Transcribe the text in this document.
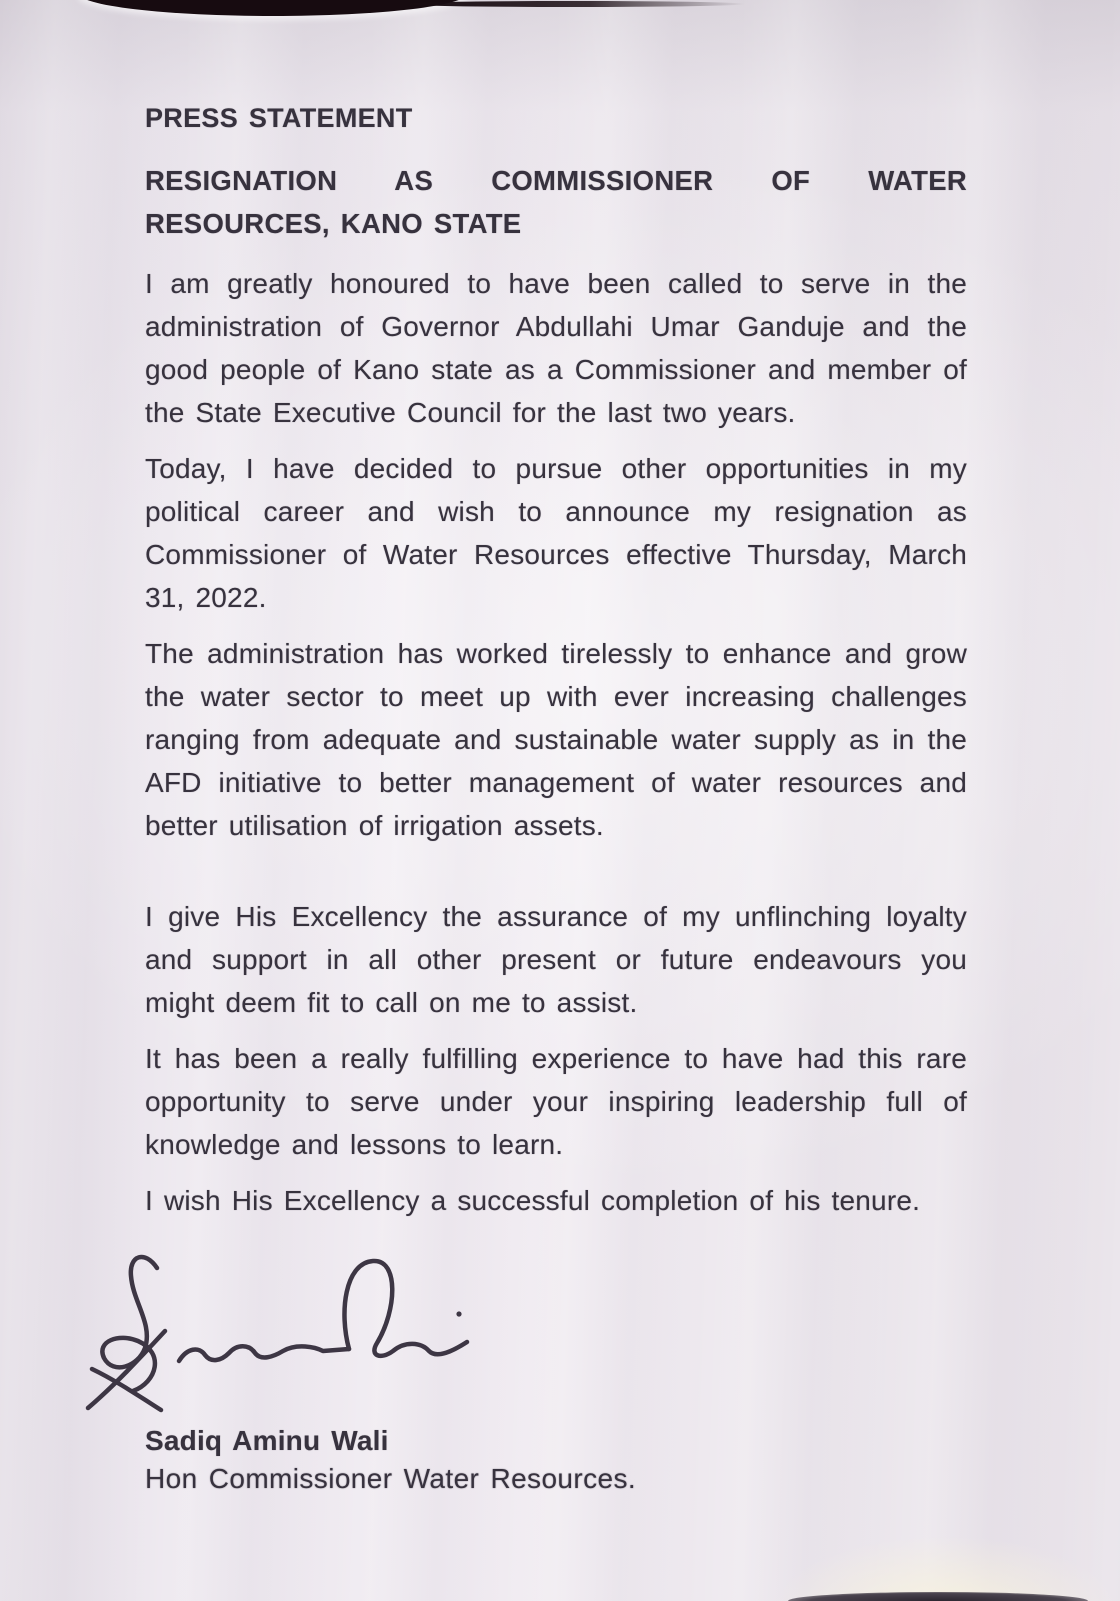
PRESS STATEMENT
RESIGNATION AS COMMISSIONER OF WATER RESOURCES, KANO STATE

I am greatly honoured to have been called to serve in the administration of Governor Abdullahi Umar Ganduje and the good people of Kano state as a Commissioner and member of the State Executive Council for the last two years.

Today, I have decided to pursue other opportunities in my political career and wish to announce my resignation as Commissioner of Water Resources effective Thursday, March 31, 2022.

The administration has worked tirelessly to enhance and grow the water sector to meet up with ever increasing challenges ranging from adequate and sustainable water supply as in the AFD initiative to better management of water resources and better utilisation of irrigation assets.

I give His Excellency the assurance of my unflinching loyalty and support in all other present or future endeavours you might deem fit to call on me to assist.

It has been a really fulfilling experience to have had this rare opportunity to serve under your inspiring leadership full of knowledge and lessons to learn.

I wish His Excellency a successful completion of his tenure.

Sadiq Aminu Wali
Hon Commissioner Water Resources.
